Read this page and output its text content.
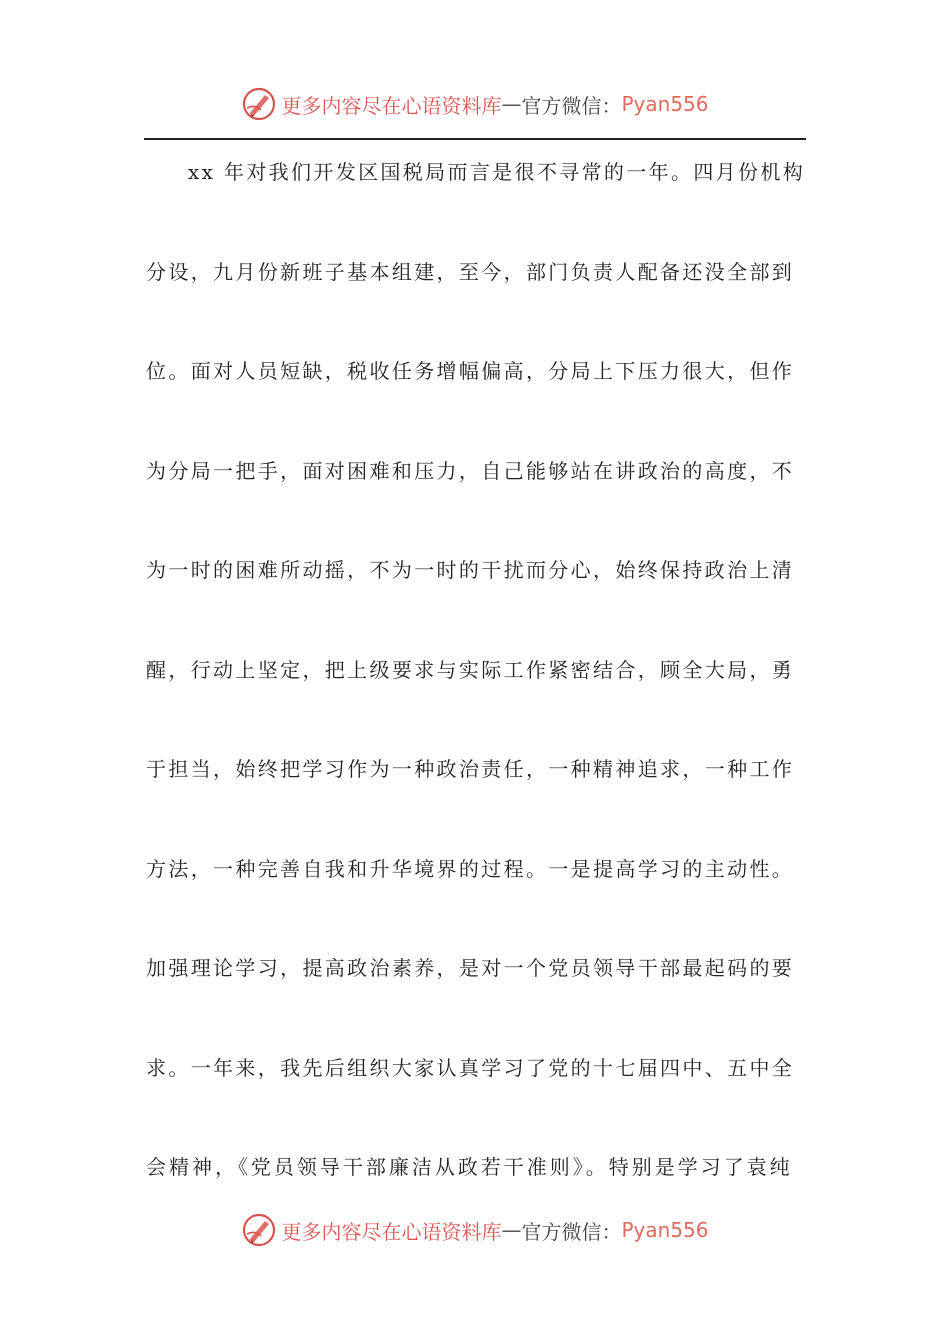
更多内容尽在心语资料库 — 官方微信： Pyan556
xx 年对我们开发区国税局而言是很不寻常的一年。四月份机构
分设，九月份新班子基本组建，至今，部门负责人配备还没全部到
位。面对人员短缺，税收任务增幅偏高，分局上下压力很大，但作
为分局一把手，面对困难和压力，自己能够站在讲政治的高度，不
为一时的困难所动摇，不为一时的干扰而分心，始终保持政治上清
醒，行动上坚定，把上级要求与实际工作紧密结合，顾全大局，勇
于担当，始终把学习作为一种政治责任，一种精神追求，一种工作
方法，一种完善自我和升华境界的过程。一是提高学习的主动性。
加强理论学习，提高政治素养，是对一个党员领导干部最起码的要
求。一年来，我先后组织大家认真学习了党的十七届四中、五中全
会精神，《党员领导干部廉洁从政若干准则》。特别是学习了袁纯
更多内容尽在心语资料库 — 官方微信： Pyan556
